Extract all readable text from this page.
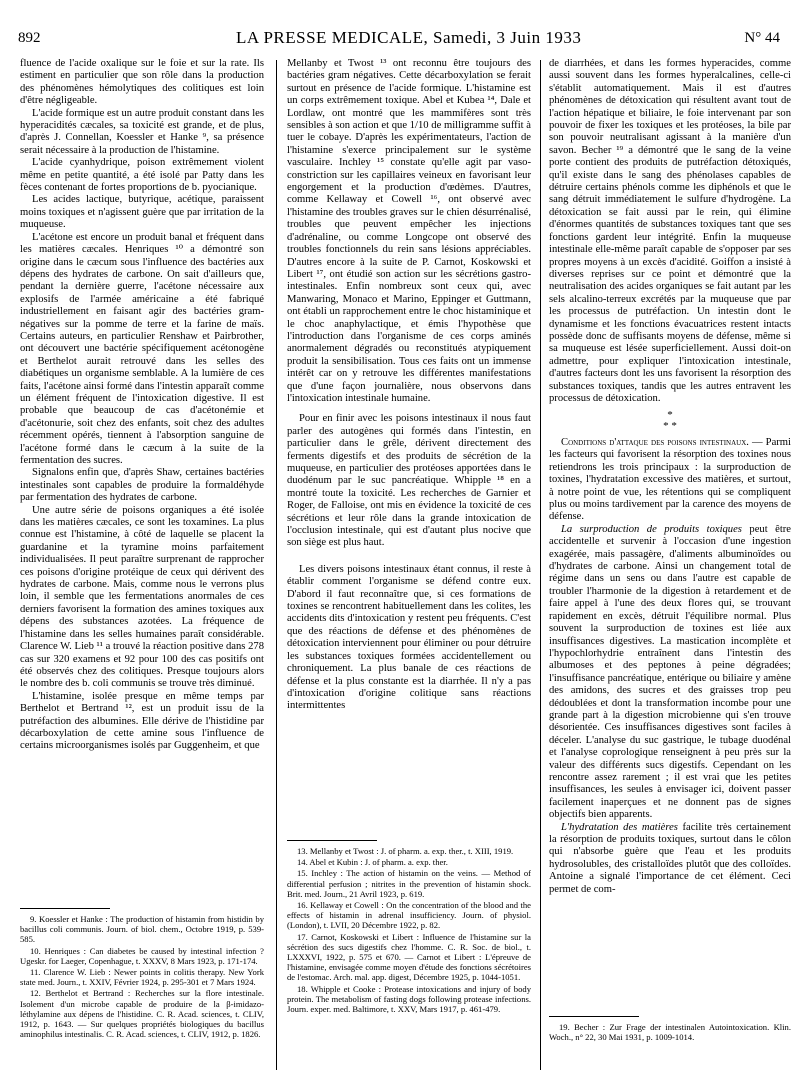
892	LA PRESSE MEDICALE, Samedi, 3 Juin 1933	N° 44

fluence de l'acide oxalique sur le foie et sur la rate. Ils estiment en particulier que son rôle dans la production des phénomènes hémolytiques des colitiques est loin d'être négligeable.

L'acide formique est un autre produit constant dans les hyperacidités cæcales, sa toxicité est grande, et de plus, d'après J. Connellan, Koessler et Hanke ⁹, sa présence serait nécessaire à la production de l'histamine.

L'acide cyanhydrique, poison extrêmement violent même en petite quantité, a été isolé par Patty dans les fèces contenant de fortes proportions de b. pyocianique.

Les acides lactique, butyrique, acétique, paraissent moins toxiques et n'agissent guère que par irritation de la muqueuse.

L'acétone est encore un produit banal et fréquent dans les matières cæcales. Henriques ¹⁰ a démontré son origine dans le cæcum sous l'influence des bactéries aux dépens des hydrates de carbone. On sait d'ailleurs que, pendant la dernière guerre, l'acétone nécessaire aux explosifs de l'armée américaine a été fabriqué industriellement en faisant agir des bactéries gram-négatives sur la pomme de terre et la farine de maïs. Certains auteurs, en particulier Renshaw et Pairbrother, ont découvert une bactérie spécifiquement acétonogène et Berthelot aurait retrouvé dans les selles des diabétiques un organisme semblable. A la lumière de ces faits, l'acétone ainsi formé dans l'intestin apparaît comme un élément fréquent de l'intoxication digestive. Il est probable que beaucoup de cas d'acétonémie et d'acétonurie, soit chez des enfants, soit chez des adultes récemment opérés, tiennent à l'absorption sanguine de l'acétone formé dans le cæcum à la suite de la fermentation des sucres.

Signalons enfin que, d'après Shaw, certaines bactéries intestinales sont capables de produire la formaldéhyde par fermentation des hydrates de carbone.

Une autre série de poisons organiques a été isolée dans les matières cæcales, ce sont les toxamines. La plus connue est l'histamine, à côté de laquelle se placent la guardanine et la tyramine moins parfaitement individualisées. Il peut paraître surprenant de rapprocher ces poisons d'origine protéique de ceux qui dérivent des hydrates de carbone. Mais, comme nous le verrons plus loin, il semble que les fermentations anormales de ces derniers favorisent la formation des amines toxiques aux dépens des substances azotées. La fréquence de l'histamine dans les selles humaines paraît considérable. Clarence W. Lieb ¹¹ a trouvé la réaction positive dans 278 cas sur 320 examens et 92 pour 100 des cas positifs ont été observés chez des colitiques. Presque toujours alors le nombre des b. coli communis se trouve très diminué.

L'histamine, isolée presque en même temps par Berthelot et Bertrand ¹², est un produit issu de la putréfaction des albumines. Elle dérive de l'histidine par décarboxylation de cette amine sous l'influence de certains microorganismes isolés par Guggenheim, et que

Mellanby et Twost ¹³ ont reconnu être toujours des bactéries gram négatives. Cette décarboxylation se ferait surtout en présence de l'acide formique. L'histamine est un corps extrêmement toxique. Abel et Kubea ¹⁴, Dale et Lordlaw, ont montré que les mammifères sont très sensibles à son action et que 1/10 de milligramme suffit à tuer le cobaye. D'après les expérimentateurs, l'action de l'histamine s'exerce principalement sur le système vasculaire. Inchley ¹⁵ constate qu'elle agit par vaso-constriction sur les capillaires veineux en favorisant leur engorgement et la production d'œdèmes. D'autres, comme Kellaway et Cowell ¹⁶, ont observé avec l'histamine des troubles graves sur le chien désurrénalisé, troubles que peuvent empêcher les injections d'adrénaline, ou comme Longcope ont observé des troubles fonctionnels du rein sans lésions appréciables. D'autres encore à la suite de P. Carnot, Koskowski et Libert ¹⁷, ont étudié son action sur les sécrétions gastro-intestinales. Enfin nombreux sont ceux qui, avec Manwaring, Monaco et Marino, Eppinger et Guttmann, ont établi un rapprochement entre le choc histaminique et le choc anaphylactique, et émis l'hypothèse que l'introduction dans l'organisme de ces corps aminés anormalement dégradés ou reconstitués atypiquement produit la sensibilisation. Tous ces faits ont un immense intérêt car on y retrouve les différentes manifestations que d'une façon journalière, nous observons dans l'intoxication intestinale humaine.

Pour en finir avec les poisons intestinaux il nous faut parler des autogènes qui formés dans l'intestin, en particulier dans le grêle, dérivent directement des ferments digestifs et des produits de sécrétion de la muqueuse, en particulier des protéoses apportées dans le duodénum par le suc pancréatique. Whipple ¹⁸ en a montré toute la toxicité. Les recherches de Garnier et Roger, de Falloise, ont mis en évidence la toxicité de ces sécrétions et leur rôle dans la grande intoxication de l'occlusion intestinale, qui est d'autant plus nocive que son siège est plus haut.

Les divers poisons intestinaux étant connus, il reste à établir comment l'organisme se défend contre eux. D'abord il faut reconnaître que, si ces formations de toxines se rencontrent habituellement dans les colites, les accidents dits d'intoxication y restent peu fréquents. C'est que des réactions de défense et des phénomènes de détoxication interviennent pour éliminer ou pour détruire les substances toxiques formées accidentellement ou chroniquement. La plus banale de ces réactions de défense et la plus constante est la diarrhée. Il n'y a pas d'intoxication d'origine colitique sans réactions intermittentes

de diarrhées, et dans les formes hyperacides, comme aussi souvent dans les formes hyperalcalines, celle-ci s'établit automatiquement. Mais il est d'autres phénomènes de détoxication qui résultent avant tout de l'action hépatique et biliaire, le foie intervenant par son pouvoir de fixer les toxiques et les protéoses, la bile par son pouvoir neutralisant agissant à la manière d'un savon. Becher ¹⁹ a démontré que le sang de la veine porte contient des produits de putréfaction détoxiqués, qu'il existe dans le sang des phénolases capables de détruire certains phénols comme les diphénols et que le sang détruit immédiatement le sulfure d'hydrogène. La détoxication se fait aussi par le rein, qui élimine d'énormes quantités de substances toxiques tant que ses fonctions gardent leur intégrité. Enfin la muqueuse intestinale elle-même paraît capable de s'opposer par ses propres moyens à un excès d'acidité. Goiffon a insisté à diverses reprises sur ce point et démontré que la neutralisation des acides organiques se fait autant par les sels alcalino-terreux excrétés par la muqueuse que par les processus de putréfaction. Un intestin dont le dynamisme et les fonctions évacuatrices restent intacts possède donc de suffisants moyens de défense, même si sa muqueuse est lésée superficiellement. Aussi doit-on admettre, pour expliquer l'intoxication intestinale, d'autres facteurs dont les uns favorisent la résorption des substances toxiques, tandis que les autres entravent les processus de détoxication.

*
* *

Conditions d'attaque des poisons intestinaux. — Parmi les facteurs qui favorisent la résorption des toxines nous retiendrons les trois principaux : la surproduction de toxines, l'hydratation excessive des matières, et surtout, à notre point de vue, les rétentions qui se compliquent plus ou moins tardivement par la carence des moyens de défense.

La surproduction de produits toxiques peut être accidentelle et survenir à l'occasion d'une ingestion exagérée, mais passagère, d'aliments albuminoïdes ou d'hydrates de carbone. Ainsi un changement total de régime dans un sens ou dans l'autre est capable de troubler l'harmonie de la digestion à retardement et de faire appel à l'une des deux flores qui, se trouvant rapidement en excès, détruit l'équilibre normal. Plus souvent la surproduction de toxines est liée aux insuffisances digestives. La mastication incomplète et l'hypochlorhydrie entraînent dans l'intestin des albumoses et des peptones à peine dégradées; l'insuffisance pancréatique, entérique ou biliaire y amène des amidons, des sucres et des graisses trop peu dédoublées et dont la transformation incombe pour une grande part à la digestion microbienne qui s'en trouve désorientée. Ces insuffisances digestives sont faciles à déceler. L'analyse du suc gastrique, le tubage duodénal et l'analyse coprologique renseignent à peu près sur la valeur des différents sucs digestifs. Cependant on les rencontre assez rarement ; il est vrai que les petites insuffisances, les seules à envisager ici, doivent passer facilement inaperçues et ne donnent pas de signes objectifs bien apparents.

L'hydratation des matières facilite très certainement la résorption de produits toxiques, surtout dans le côlon qui n'absorbe guère que l'eau et les produits hydrosolubles, des cristalloïdes plutôt que des colloïdes. Antoine a signalé l'importance de cet élément. Ceci permet de com-

9. Koessler et Hanke : The production of histamin from histidin by bacillus coli communis. Journ. of biol. chem., Octobre 1919, p. 539-585.

10. Henriques : Can diabetes be caused by intestinal infection ? Ugeskr. for Laeger, Copenhague, t. XXXV, 8 Mars 1923, p. 171-174.

11. Clarence W. Lieb : Newer points in colitis therapy. New York state med. Journ., t. XXIV, Février 1924, p. 295-301 et 7 Mars 1924.

12. Berthelot et Bertrand : Recherches sur la flore intestinale. Isolement d'un microbe capable de produire de la β-imidazo-léthylamine aux dépens de l'histidine. C. R. Acad. sciences, t. CLIV, 1912, p. 1643. — Sur quelques propriétés biologiques du bacillus aminophilus intestinalis. C. R. Acad. sciences, t. CLIV, 1912, p. 1826.

13. Mellanby et Twost : J. of pharm. a. exp. ther., t. XIII, 1919.

14. Abel et Kubin : J. of pharm. a. exp. ther.

15. Inchley : The action of histamin on the veins. — Method of differential perfusion ; nitrites in the prevention of histamin shock. Brit. med. Journ., 21 Avril 1923, p. 619.

16. Kellaway et Cowell : On the concentration of the blood and the effects of histamin in adrenal insufficiency. Journ. of physiol. (London), t. LVII, 20 Décembre 1922, p. 82.

17. Carnot, Koskowski et Libert : Influence de l'histamine sur la sécrétion des sucs digestifs chez l'homme. C. R. Soc. de biol., t. LXXXVI, 1922, p. 575 et 670. — Carnot et Libert : L'épreuve de l'histamine, envisagée comme moyen d'étude des fonctions sécrétoires de l'estomac. Arch. mal. app. digest, Décembre 1925, p. 1044-1051.

18. Whipple et Cooke : Protease intoxications and injury of body protein. The metabolism of fasting dogs following protease infections. Journ. exper. med. Baltimore, t. XXV, Mars 1917, p. 461-479.

19. Becher : Zur Frage der intestinalen Autointoxication. Klin. Woch., n° 22, 30 Mai 1931, p. 1009-1014.
